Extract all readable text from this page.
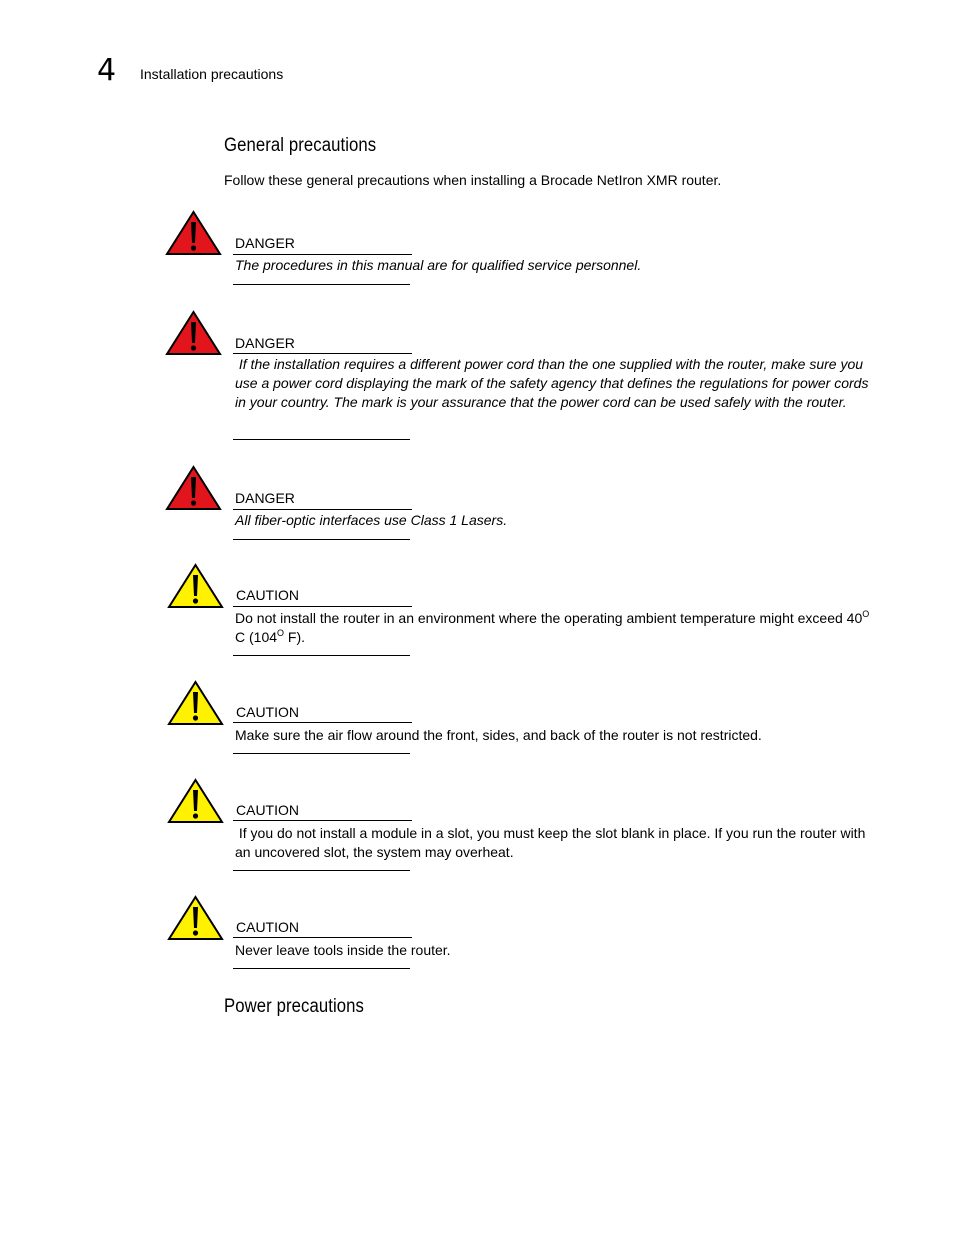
4 Installation precautions
General precautions
Follow these general precautions when installing a Brocade NetIron XMR router.
DANGER
The procedures in this manual are for qualified service personnel.
DANGER
If the installation requires a different power cord than the one supplied with the router, make sure you use a power cord displaying the mark of the safety agency that defines the regulations for power cords in your country. The mark is your assurance that the power cord can be used safely with the router.
DANGER
All fiber-optic interfaces use Class 1 Lasers.
CAUTION
Do not install the router in an environment where the operating ambient temperature might exceed $40^O$ C ($104^O$ F).
CAUTION
Make sure the air flow around the front, sides, and back of the router is not restricted.
CAUTION
If you do not install a module in a slot, you must keep the slot blank in place. If you run the router with an uncovered slot, the system may overheat.
CAUTION
Never leave tools inside the router.
Power precautions
